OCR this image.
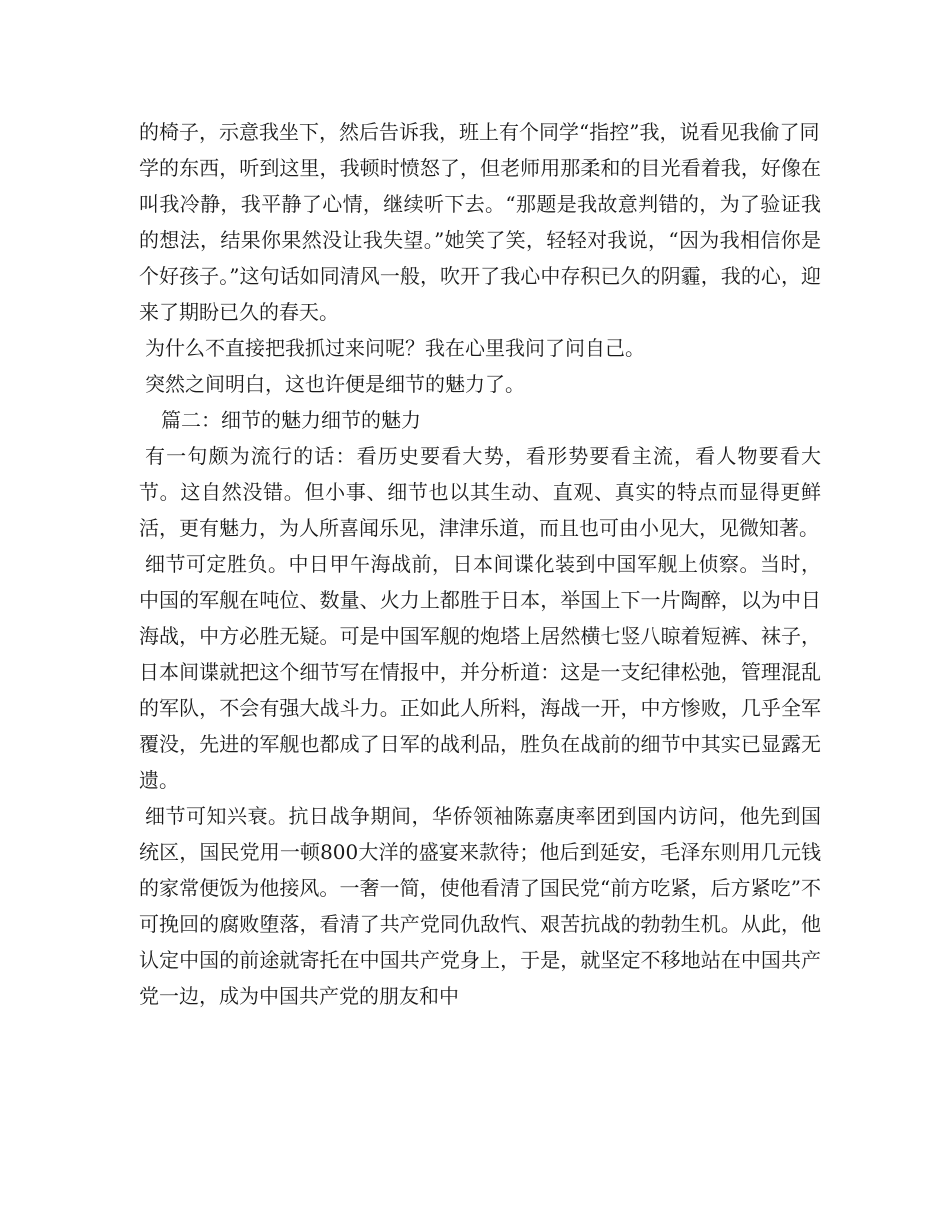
的椅子，示意我坐下，然后告诉我，班上有个同学“指控”我，说看见我偷了同

学的东西，听到这里，我顿时愤怒了，但老师用那柔和的目光看着我，好像在叫我冷静，我平静了心情，继续听下去。“那题是我故意判错的，为了验证我的想法，结果你果然没让我失望。”她笑了笑，轻轻对我说，“因为我相信你是个好孩子。”这句话如同清风一般，吹开了我心中存积已久的阴霾，我的心，迎来了期盼已久的春天。

为什么不直接把我抓过来问呢？我在心里我问了问自己。

突然之间明白，这也许便是细节的魅力了。

篇二：细节的魅力细节的魅力

有一句颇为流行的话：看历史要看大势，看形势要看主流，看人物要看大节。这自然没错。但小事、细节也以其生动、直观、真实的特点而显得更鲜活，更有魅力，为人所喜闻乐见，津津乐道，而且也可由小见大，见微知著。

细节可定胜负。中日甲午海战前，日本间谍化装到中国军舰上侦察。当时，中国的军舰在吨位、数量、火力上都胜于日本，举国上下一片陶醉，以为中日海战，中方必胜无疑。可是中国军舰的炮塔上居然横七竖八晾着短裤、袜子，日本间谍就把这个细节写在情报中，并分析道：这是一支纪律松弛，管理混乱的军队，不会有强大战斗力。正如此人所料，海战一开，中方惨败，几乎全军覆没，先进的军舰也都成了日军的战利品，胜负在战前的细节中其实已显露无遗。

细节可知兴衰。抗日战争期间，华侨领袖陈嘉庚率团到国内访问，他先到国统区，国民党用一顿800大洋的盛宴来款待；他后到延安，毛泽东则用几元钱的家常便饭为他接风。一奢一简，使他看清了国民党“前方吃紧，后方紧吃”不可挽回的腐败堕落，看清了共产党同仇敌忾、艰苦抗战的勃勃生机。从此，他认定中国的前途就寄托在中国共产党身上，于是，就坚定不移地站在中国共产党一边，成为中国共产党的朋友和中
